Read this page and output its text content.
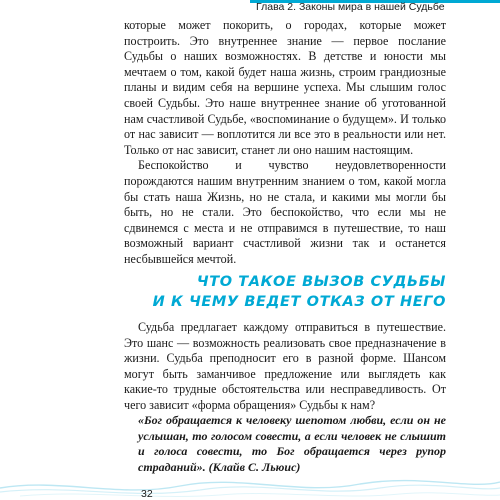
Глава 2. Законы мира в нашей Судьбе

которые может покорить, о городах, которые может построить. Это внутреннее знание — первое послание Судьбы о наших возможностях. В детстве и юности мы мечтаем о том, какой будет наша жизнь, строим грандиозные планы и видим себя на вершине успеха. Мы слышим голос своей Судьбы. Это наше внутреннее знание об уготованной нам счастливой Судьбе, «воспоминание о будущем». И только от нас зависит — воплотится ли все это в реальности или нет. Только от нас зависит, станет ли оно нашим настоящим.

Беспокойство и чувство неудовлетворенности порождаются нашим внутренним знанием о том, какой могла бы стать наша Жизнь, но не стала, и какими мы могли бы быть, но не стали. Это беспокойство, что если мы не сдвинемся с места и не отправимся в путешествие, то наш возможный вариант счастливой жизни так и останется несбывшейся мечтой.

ЧТО ТАКОЕ ВЫЗОВ СУДЬБЫ
И К ЧЕМУ ВЕДЕТ ОТКАЗ ОТ НЕГО

Судьба предлагает каждому отправиться в путешествие. Это шанс — возможность реализовать свое предназначение в жизни. Судьба преподносит его в разной форме. Шансом могут быть заманчивое предложение или выглядеть как какие-то трудные обстоятельства или несправедливость. От чего зависит «форма обращения» Судьбы к нам?

«Бог обращается к человеку шепотом любви, если он не услышан, то голосом совести, а если человек не слышит и голоса совести, то Бог обращается через рупор страданий». (Клайв С. Льюис)
32
